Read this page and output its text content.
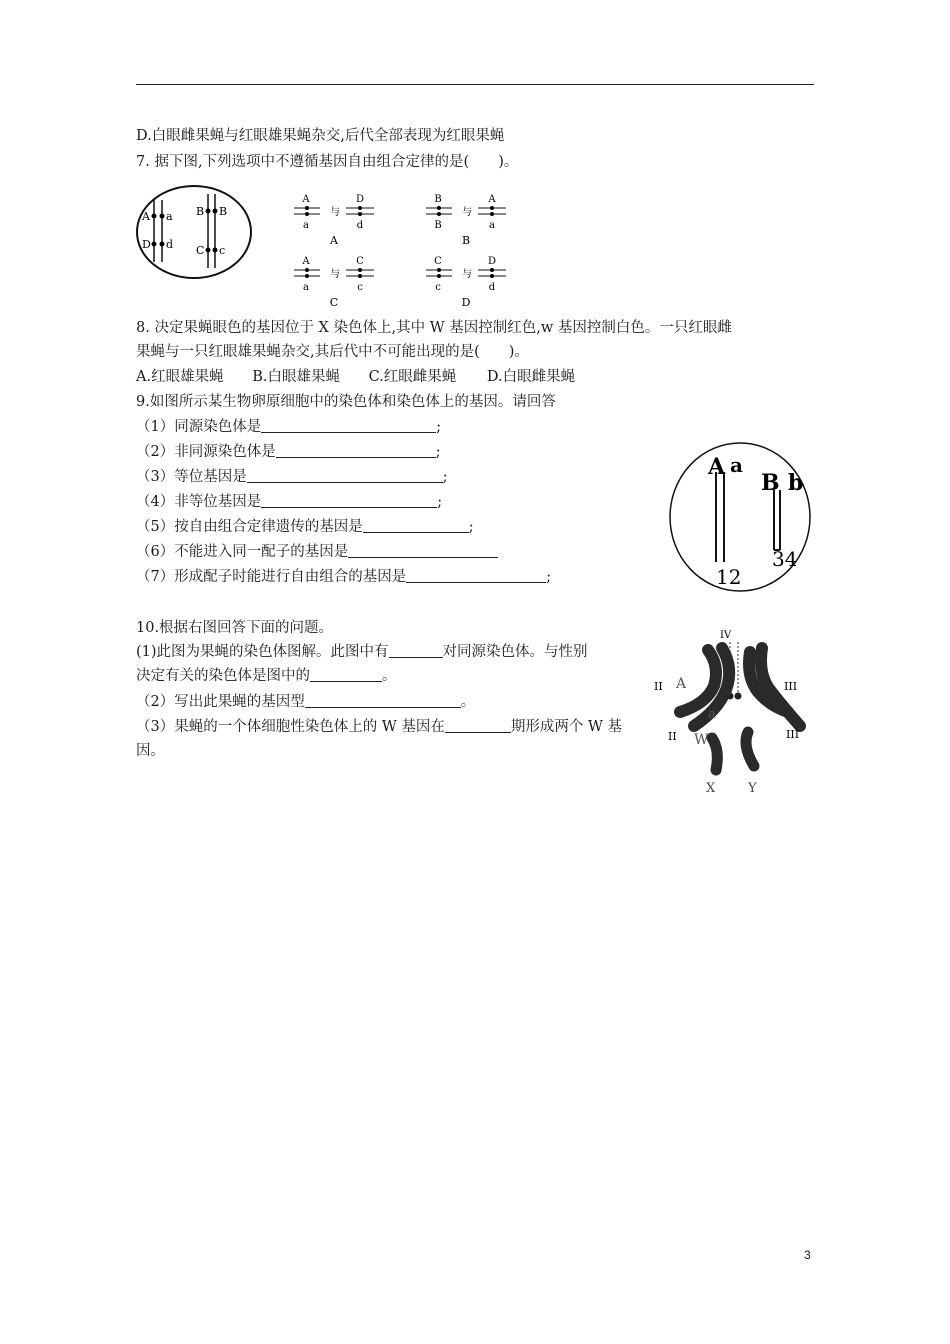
D.白眼雌果蝇与红眼雄果蝇杂交,后代全部表现为红眼果蝇
7. 据下图,下列选项中不遵循基因自由组合定律的是(　　)。
A a
D d
B B
C c
A
a
与
D
d
A
B
B
与
A
a
B
A
a
与
C
c
C
C
c
与
D
d
D
8. 决定果蝇眼色的基因位于 X 染色体上,其中 W 基因控制红色,w 基因控制白色。一只红眼雌
果蝇与一只红眼雄果蝇杂交,其后代中不可能出现的是(　　)。
A.红眼雄果蝇 B.白眼雄果蝇 C.红眼雌果蝇 D.白眼雌果蝇
9.如图所示某生物卵原细胞中的染色体和染色体上的基因。请回答
（1）同源染色体是	;
（2）非同源染色体是	;
（3）等位基因是	;
（4）非等位基因是	;
（5）按自由组合定律遗传的基因是	;
（6）不能进入同一配子的基因是
（7）形成配子时能进行自由组合的基因是	;
A a
B b
12
34
10.根据右图回答下面的问题。
(1)此图为果蝇的染色体图解。此图中有	对同源染色体。与性别
决定有关的染色体是图中的	。
（2）写出此果蝇的基因型	。
（3）果蝇的一个体细胞性染色体上的 W 基因在	期形成两个 W 基
因。
IV
II A	III
a
II W	III
X	Y
3
